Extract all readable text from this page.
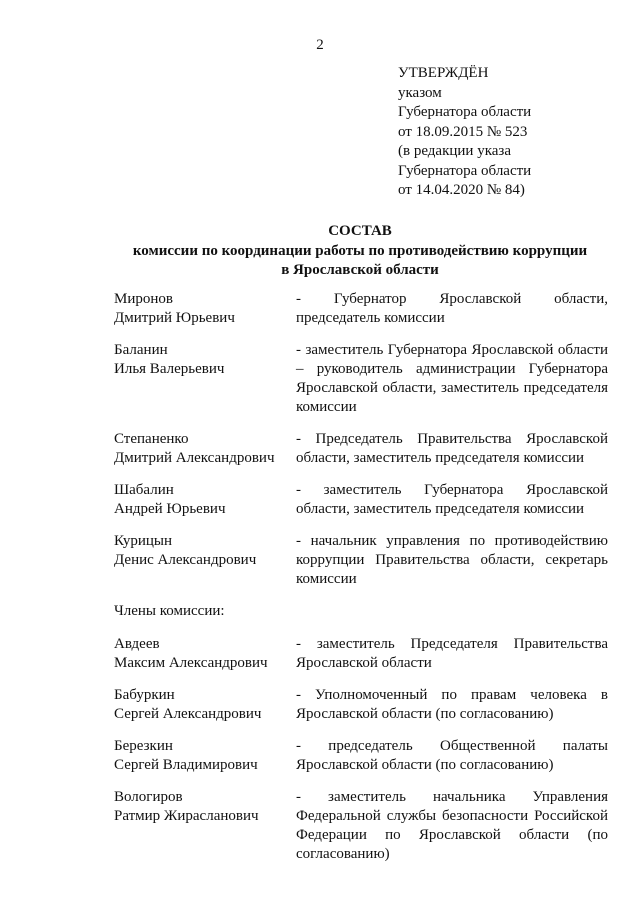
2
УТВЕРЖДЁН
указом
Губернатора области
от 18.09.2015 № 523
(в редакции указа
Губернатора области
от 14.04.2020 № 84)
СОСТАВ
комиссии по координации работы по противодействию коррупции
в Ярославской области
Миронов
Дмитрий Юрьевич
- Губернатор Ярославской области, председатель комиссии
Баланин
Илья Валерьевич
- заместитель Губернатора Ярославской области – руководитель администрации Губернатора Ярославской области, заместитель председателя комиссии
Степаненко
Дмитрий Александрович
- Председатель Правительства Ярославской области, заместитель председателя комиссии
Шабалин
Андрей Юрьевич
- заместитель Губернатора Ярославской области, заместитель председателя комиссии
Курицын
Денис Александрович
- начальник управления по противодействию коррупции Правительства области, секретарь комиссии
Члены комиссии:
Авдеев
Максим Александрович
- заместитель Председателя Правительства Ярославской области
Бабуркин
Сергей Александрович
- Уполномоченный по правам человека в Ярославской области (по согласованию)
Березкин
Сергей Владимирович
- председатель Общественной палаты Ярославской области (по согласованию)
Вологиров
Ратмир Жирасланович
- заместитель начальника Управления Федеральной службы безопасности Российской Федерации по Ярославской области (по согласованию)
